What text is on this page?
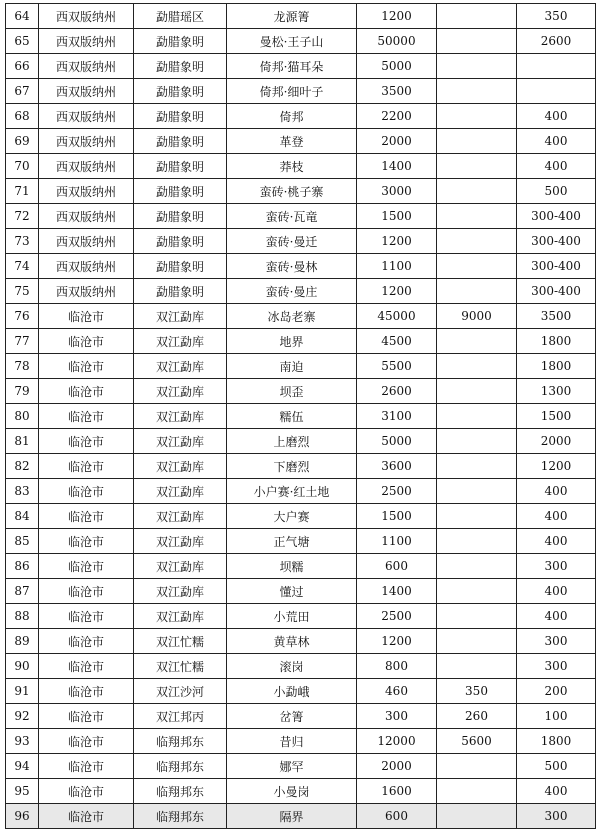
64	西双版纳州	勐腊瑶区	龙源箐	1200		350
65	西双版纳州	勐腊象明	曼松·王子山	50000		2600
66	西双版纳州	勐腊象明	倚邦·猫耳朵	5000		
67	西双版纳州	勐腊象明	倚邦·细叶子	3500		
68	西双版纳州	勐腊象明	倚邦	2200		400
69	西双版纳州	勐腊象明	革登	2000		400
70	西双版纳州	勐腊象明	莽枝	1400		400
71	西双版纳州	勐腊象明	蛮砖·桃子寨	3000		500
72	西双版纳州	勐腊象明	蛮砖·瓦竜	1500		300-400
73	西双版纳州	勐腊象明	蛮砖·曼迁	1200		300-400
74	西双版纳州	勐腊象明	蛮砖·曼林	1100		300-400
75	西双版纳州	勐腊象明	蛮砖·曼庄	1200		300-400
76	临沧市	双江勐库	冰岛老寨	45000	9000	3500
77	临沧市	双江勐库	地界	4500		1800
78	临沧市	双江勐库	南迫	5500		1800
79	临沧市	双江勐库	坝歪	2600		1300
80	临沧市	双江勐库	糯伍	3100		1500
81	临沧市	双江勐库	上磨烈	5000		2000
82	临沧市	双江勐库	下磨烈	3600		1200
83	临沧市	双江勐库	小户赛·红土地	2500		400
84	临沧市	双江勐库	大户赛	1500		400
85	临沧市	双江勐库	正气塘	1100		400
86	临沧市	双江勐库	坝糯	600		300
87	临沧市	双江勐库	懂过	1400		400
88	临沧市	双江勐库	小荒田	2500		400
89	临沧市	双江忙糯	黄草林	1200		300
90	临沧市	双江忙糯	滚岗	800		300
91	临沧市	双江沙河	小勐峨	460	350	200
92	临沧市	双江邦丙	岔箐	300	260	100
93	临沧市	临翔邦东	昔归	12000	5600	1800
94	临沧市	临翔邦东	娜罕	2000		500
95	临沧市	临翔邦东	小曼岗	1600		400
96	临沧市	临翔邦东	隔界	600		300
